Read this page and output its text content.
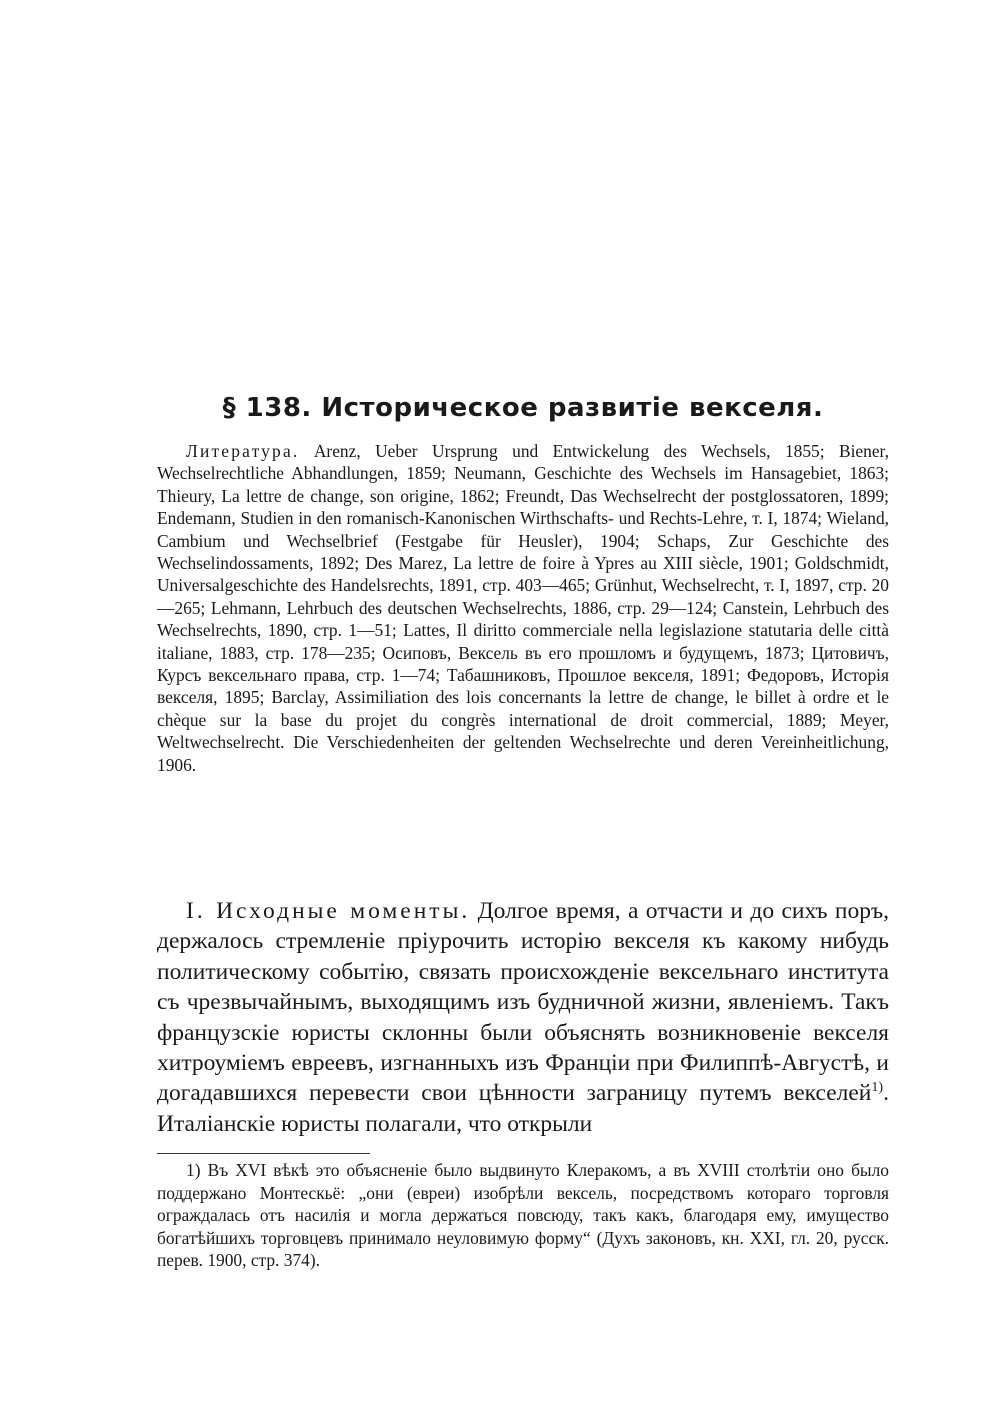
§ 138. Историческое развитіе векселя.

Литература. Arenz, Ueber Ursprung und Entwickelung des Wechsels, 1855; Biener, Wechselrechtliche Abhandlungen, 1859; Neumann, Geschichte des Wechsels im Hansagebiet, 1863; Thieury, La lettre de change, son origine, 1862; Freundt, Das Wechselrecht der postglossatoren, 1899; Endemann, Studien in den romanisch-Kanonischen Wirthschafts- und Rechts-Lehre, т. I, 1874; Wieland, Cambium und Wechselbrief (Festgabe für Heusler), 1904; Schaps, Zur Geschichte des Wechselindossaments, 1892; Des Marez, La lettre de foire à Ypres au XIII siècle, 1901; Goldschmidt, Universalgeschichte des Handelsrechts, 1891, стр. 403—465; Grünhut, Wechselrecht, т. I, 1897, стр. 20—265; Lehmann, Lehrbuch des deutschen Wechselrechts, 1886, стр. 29—124; Canstein, Lehrbuch des Wechselrechts, 1890, стр. 1—51; Lattes, Il diritto commerciale nella legislazione statutaria delle città italiane, 1883, стр. 178—235; Осиповъ, Вексель въ его прошломъ и будущемъ, 1873; Цитовичъ, Курсъ вексельнаго права, стр. 1—74; Табашниковъ, Прошлое векселя, 1891; Федоровъ, Исторія векселя, 1895; Barclay, Assimiliation des lois concernants la lettre de change, le billet à ordre et le chèque sur la base du projet du congrès international de droit commercial, 1889; Meyer, Weltwechselrecht. Die Verschiedenheiten der geltenden Wechselrechte und deren Vereinheitlichung, 1906.

I. Исходные моменты. Долгое время, а отчасти и до сихъ поръ, держалось стремленіе пріурочить исторію векселя къ какому нибудь политическому событію, связать происхожденіе вексельнаго института съ чрезвычайнымъ, выходящимъ изъ будничной жизни, явленіемъ. Такъ французскіе юристы склонны были объяснять возникновеніе векселя хитроуміемъ евреевъ, изгнанныхъ изъ Франціи при Филиппѣ-Августѣ, и догадавшихся перевести свои цѣнности заграницу путемъ векселей$^{1)}$. Италіанскіе юристы полагали, что открыли

1) Въ XVI вѣкѣ это объясненіе было выдвинуто Клеракомъ, а въ XVIII столѣтіи оно было поддержано Монтескьё: „они (евреи) изобрѣли вексель, посредствомъ котораго торговля ограждалась отъ насилія и могла держаться повсюду, такъ какъ, благодаря ему, имущество богатѣйшихъ торговцевъ принимало неуловимую форму“ (Духъ законовъ, кн. XXI, гл. 20, русск. перев. 1900, стр. 374).
